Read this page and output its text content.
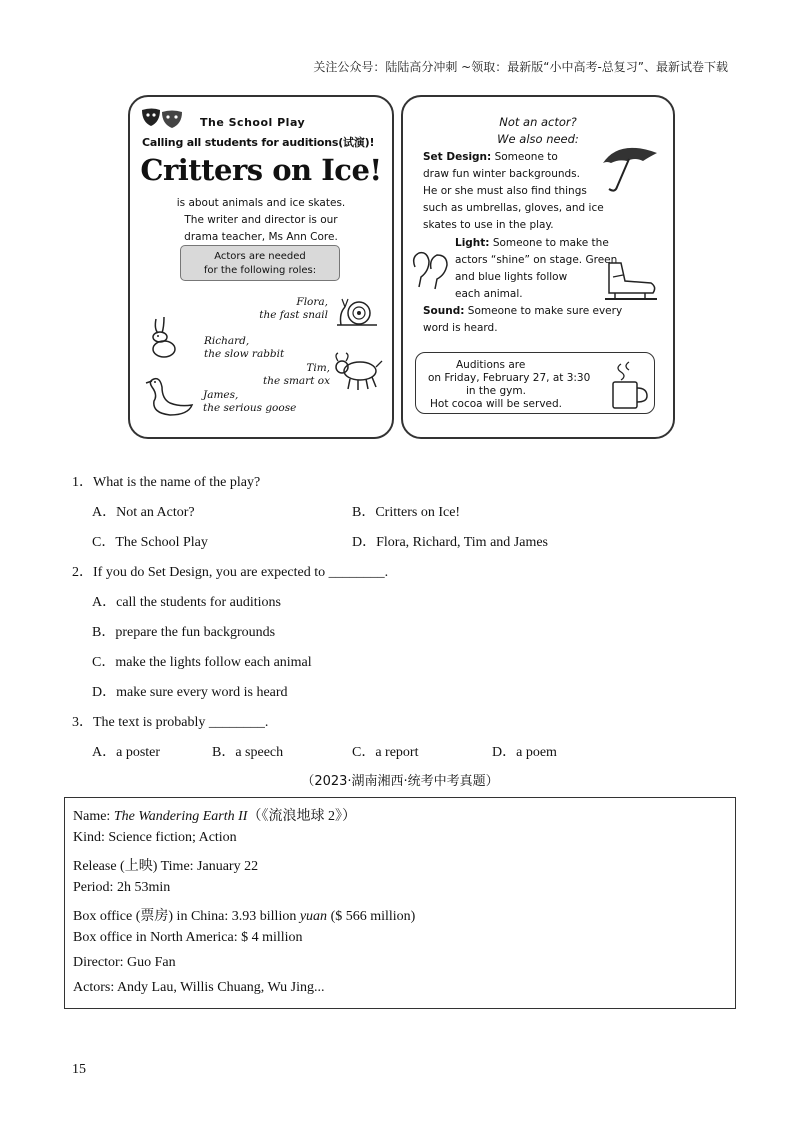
关注公众号：陆陆高分冲刺 ~领取：最新版“小中高考-总复习”、最新试卷下载
The School Play
Calling all students for auditions(试演)!
Critters on Ice!
is about animals and ice skates.
The writer and director is our
drama teacher, Ms Ann Core.
Actors are needed
for the following roles:
Flora,
the fast snail
Richard,
the slow rabbit
Tim,
the smart ox
James,
the serious goose
Not an actor?
We also need:
Set Design: Someone to
draw fun winter backgrounds.
He or she must also find things
such as umbrellas, gloves, and ice
skates to use in the play.
Light: Someone to make the
actors “shine” on stage. Green
and blue lights follow
each animal.
Sound: Someone to make sure every
word is heard.
Auditions are
on Friday, February 27, at 3:30
in the gym.
Hot cocoa will be served.
1．What is the name of the play?
A．Not an Actor?	B．Critters on Ice!
C．The School Play	D．Flora, Richard, Tim and James
2．If you do Set Design, you are expected to ________.
A．call the students for auditions
B．prepare the fun backgrounds
C．make the lights follow each animal
D．make sure every word is heard
3．The text is probably ________.
A．a poster	B．a speech	C．a report	D．a poem
（2023·湖南湘西·统考中考真题）
Name: The Wandering Earth II（《流浪地球 2》）
Kind: Science fiction; Action
Release (上映) Time: January 22
Period: 2h 53min
Box office (票房) in China: 3.93 billion yuan ($ 566 million)
Box office in North America: $ 4 million
Director: Guo Fan
Actors: Andy Lau, Willis Chuang, Wu Jing...
15
